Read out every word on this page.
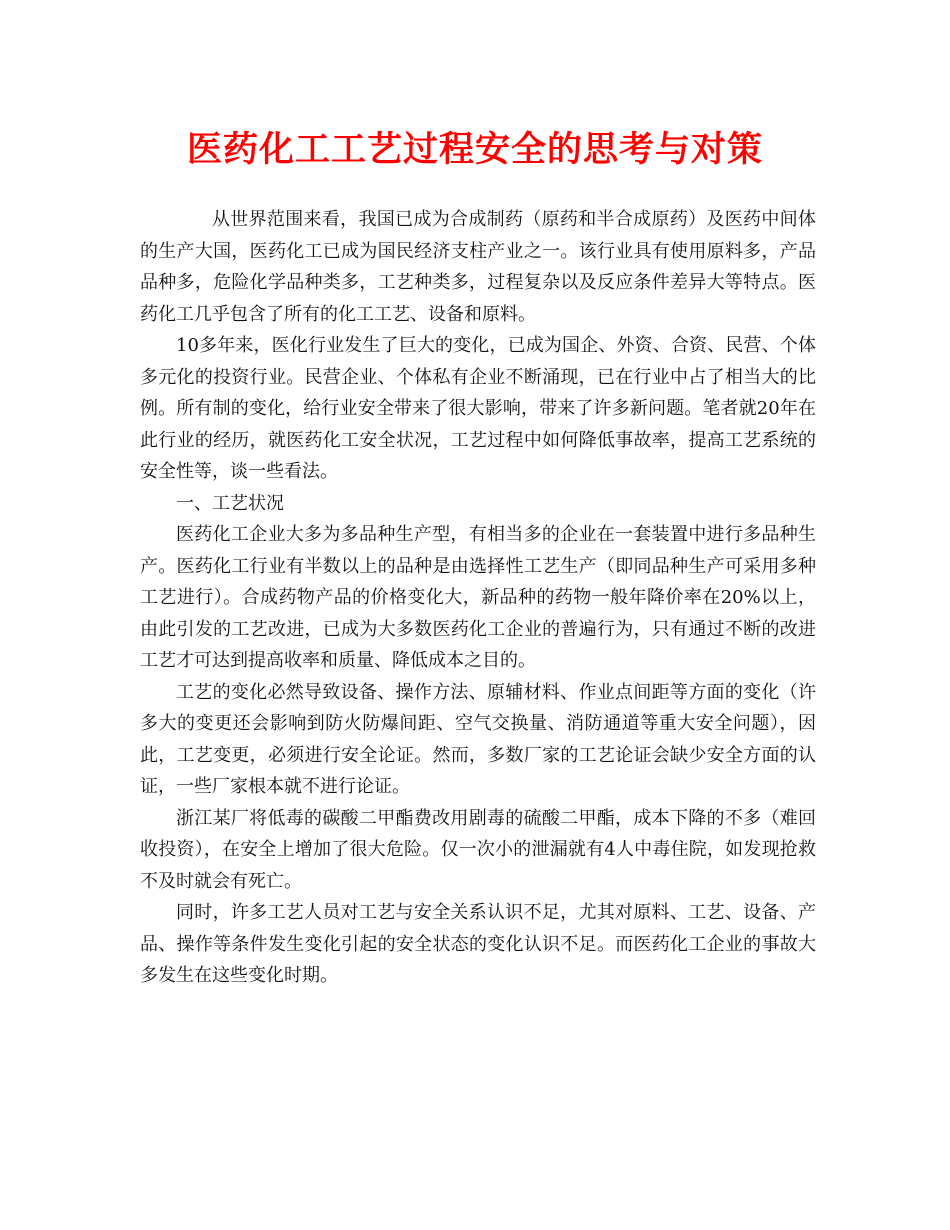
医药化工工艺过程安全的思考与对策

从世界范围来看，我国已成为合成制药（原药和半合成原药）及医药中间体的生产大国，医药化工已成为国民经济支柱产业之一。该行业具有使用原料多，产品品种多，危险化学品种类多，工艺种类多，过程复杂以及反应条件差异大等特点。医药化工几乎包含了所有的化工工艺、设备和原料。

10多年来，医化行业发生了巨大的变化，已成为国企、外资、合资、民营、个体多元化的投资行业。民营企业、个体私有企业不断涌现，已在行业中占了相当大的比例。所有制的变化，给行业安全带来了很大影响，带来了许多新问题。笔者就20年在此行业的经历，就医药化工安全状况，工艺过程中如何降低事故率，提高工艺系统的安全性等，谈一些看法。

一、工艺状况

医药化工企业大多为多品种生产型，有相当多的企业在一套装置中进行多品种生产。医药化工行业有半数以上的品种是由选择性工艺生产（即同品种生产可采用多种工艺进行）。合成药物产品的价格变化大，新品种的药物一般年降价率在20%以上，由此引发的工艺改进，已成为大多数医药化工企业的普遍行为，只有通过不断的改进工艺才可达到提高收率和质量、降低成本之目的。

工艺的变化必然导致设备、操作方法、原辅材料、作业点间距等方面的变化（许多大的变更还会影响到防火防爆间距、空气交换量、消防通道等重大安全问题），因此，工艺变更，必须进行安全论证。然而，多数厂家的工艺论证会缺少安全方面的认证，一些厂家根本就不进行论证。

浙江某厂将低毒的碳酸二甲酯费改用剧毒的硫酸二甲酯，成本下降的不多（难回收投资），在安全上增加了很大危险。仅一次小的泄漏就有4人中毒住院，如发现抢救不及时就会有死亡。

同时，许多工艺人员对工艺与安全关系认识不足，尤其对原料、工艺、设备、产品、操作等条件发生变化引起的安全状态的变化认识不足。而医药化工企业的事故大多发生在这些变化时期。
